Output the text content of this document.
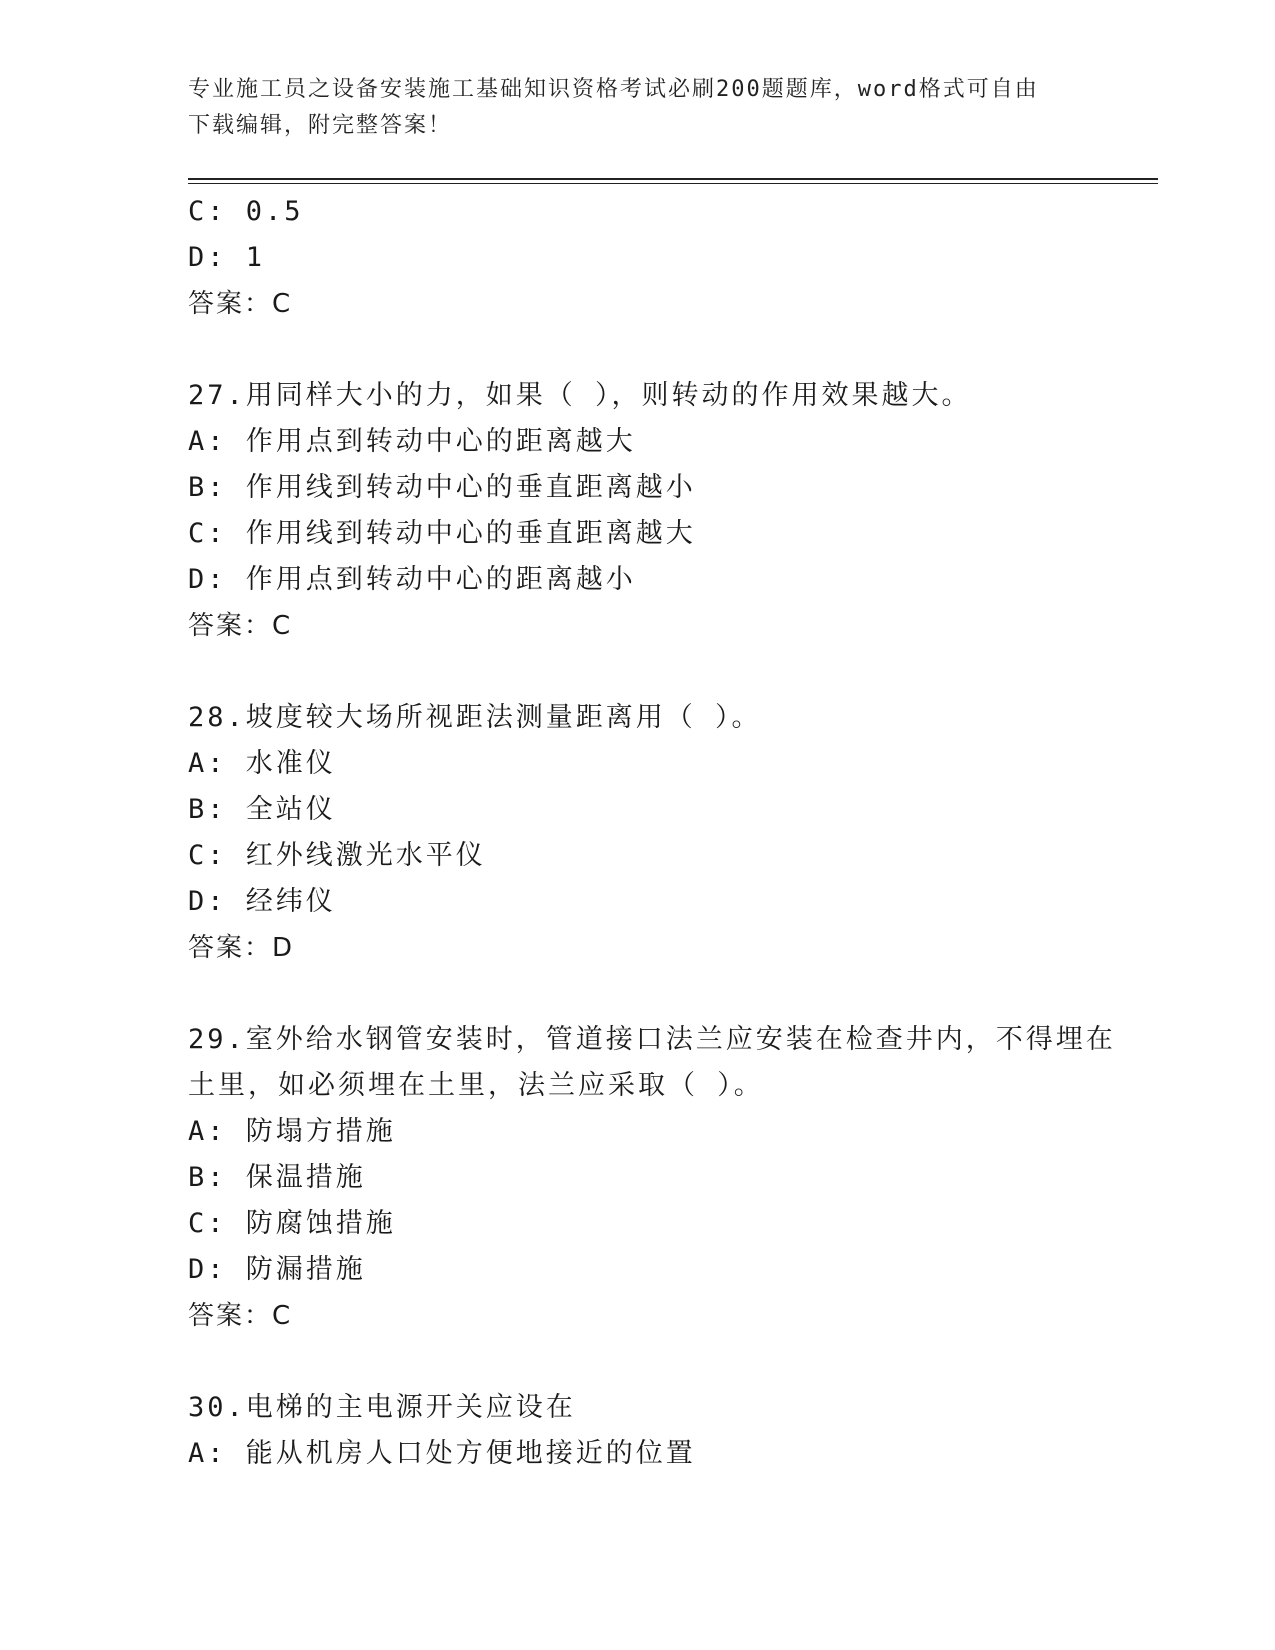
专业施工员之设备安装施工基础知识资格考试必刷200题题库，word格式可自由
下载编辑，附完整答案！
C: 0.5
D: 1
答案：C
27.用同样大小的力，如果（ ），则转动的作用效果越大。
A: 作用点到转动中心的距离越大
B: 作用线到转动中心的垂直距离越小
C: 作用线到转动中心的垂直距离越大
D: 作用点到转动中心的距离越小
答案：C
28.坡度较大场所视距法测量距离用（ ）。
A: 水准仪
B: 全站仪
C: 红外线激光水平仪
D: 经纬仪
答案：D
29.室外给水钢管安装时，管道接口法兰应安装在检查井内，不得埋在
土里，如必须埋在土里，法兰应采取（ ）。
A: 防塌方措施
B: 保温措施
C: 防腐蚀措施
D: 防漏措施
答案：C
30.电梯的主电源开关应设在
A: 能从机房人口处方便地接近的位置
